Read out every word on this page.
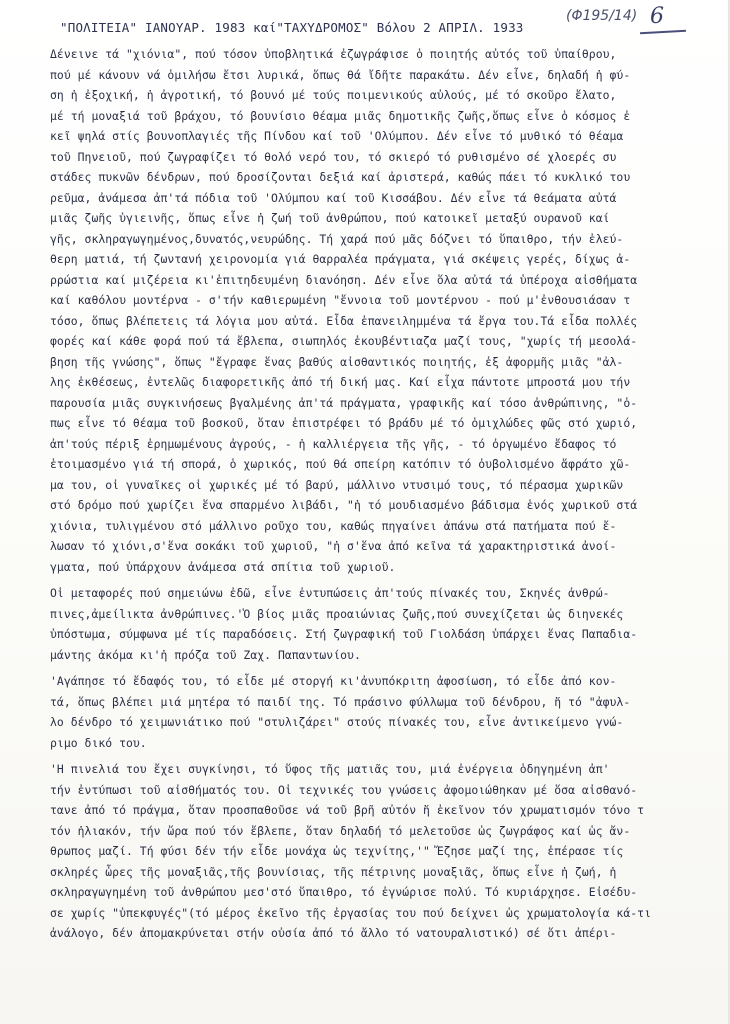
"ΠΟΛΙΤΕΙΑ" ΙΑΝΟΥΑΡ. 1983 καί"ΤΑΧΥΔΡΟΜΟΣ" Βόλου 2 ΑΠΡΙΛ. 1933
(Φ195/14) 6
Δένεινε τά "χιόνια", πού τόσον ὑποβλητικά ἐζωγράφισε ὁ ποιητής αὐτός τοῦ ὑπαίθρου,
πού μέ κάνουν νά ὁμιλήσω ἔτσι λυρικά, ὅπως θά ἴδῆτε παρακάτω. Δέν εἶνε, δηλαδή ἡ φύ-
ση ἡ ἐξοχική, ἡ ἀγροτική, τό βουνό μέ τούς ποιμενικούς αὐλούς, μέ τό σκοῦρο ἔλατο,
μέ τή μοναξιά τοῦ βράχου, τό βουνίσιο θέαμα μιᾶς δημοτικῆς ζωῆς,ὅπως εἶνε ὁ κόσμος ἐ
κεῖ ψηλά στίς βουνοπλαγιές τῆς Πίνδου καί τοῦ 'Ολύμπου. Δέν εἶνε τό μυθικό τό θέαμα
τοῦ Πηνειοῦ, πού ζωγραφίζει τό θολό νερό του, τό σκιερό τό ρυθισμένο σέ χλοερές συ
στάδες πυκνῶν δένδρων, πού δροσίζονται δεξιά καί ἀριστερά, καθώς πάει τό κυκλικό του
ρεῦμα, ἀνάμεσα ἀπ'τά πόδια τοῦ 'Ολύμπου καί τοῦ Κισσάβου. Δέν εἶνε τά θεάματα αὐτά
μιᾶς ζωῆς ὑγιεινῆς, ὅπως εἶνε ἡ ζωή τοῦ ἀνθρώπου, πού κατοικεῖ μεταξύ ουρανοῦ καί
γῆς, σκληραγωγημένος,δυνατός,νευρώδης. Τή χαρά πού μᾶς δόζνει τό ὕπαιθρο, τήν ἐλεύ-
θερη ματιά, τή ζωντανή χειρονομία γιά θαρραλέα πράγματα, γιά σκέψεις γερές, δίχως ἀ-
ρρώστια καί μιζέρεια κι'ἐπιτηδευμένη διανόηση. Δέν εἶνε ὅλα αὐτά τά ὑπέροχα αἰσθήματα
καί καθόλου μοντέρνα - σ'τήν καθιερωμένη "ἔννοια τοῦ μοντέρνου - πού μ'ἐνθουσιάσαν τ
τόσο, ὅπως βλέπετεις τά λόγια μου αὐτά. Εἶδα ἐπανειλημμένα τά ἔργα του.Τά εἶδα πολλές
φορές καί κάθε φορά πού τά ἔβλεπα, σιωπηλός ἐκουβέντιαζα μαζί τους, "χωρίς τή μεσολά-
βηση τῆς γνώσης", ὅπως "ἔγραφε ἕνας βαθύς αἰσθαντικός ποιητής, ἐξ ἀφορμῆς μιᾶς "ἀλ-
λης ἐκθέσεως, ἐντελῶς διαφορετικῆς ἀπό τή δική μας. Καί εἶχα πάντοτε μπροστά μου τήν
παρουσία μιᾶς συγκινήσεως βγαλμένης ἀπ'τά πράγματα, γραφικῆς καί τόσο ἀνθρώπινης, "ὁ-
πως εἶνε τό θέαμα τοῦ βοσκοῦ, ὅταν ἐπιστρέφει τό βράδυ μέ τό ὁμιχλώδες φῶς στό χωριό,
ἀπ'τούς πέριξ ἐρημωμένους ἀγρούς, - ἡ καλλιέργεια τῆς γῆς, - τό ὀργωμένο ἔδαφος τό
ἑτοιμασμένο γιά τή σπορά, ὁ χωρικός, πού θά σπείρη κατόπιν τό ὀυβολισμένο ἄφράτο χῶ-
μα του, οἱ γυναῖκες οἱ χωρικές μέ τό βαρύ, μάλλινο ντυσιμό τους, τό πέρασμα χωρικῶν
στό δρόμο πού χωρίζει ἕνα σπαρμένο λιβάδι, "ἡ τό μουδιασμένο βάδισμα ἑνός χωρικοῦ στά
χιόνια, τυλιγμένου στό μάλλινο ροῦχο του, καθώς πηγαίνει ἀπάνω στά πατήματα πού ἔ-
λωσαν τό χιόνι,σ'ἕνα σοκάκι τοῦ χωριοῦ, "ἡ σ'ἕνα ἀπό κεῖνα τά χαρακτηριστικά ἀνοί-
γματα, πού ὑπάρχουν ἀνάμεσα στά σπίτια τοῦ χωριοῦ.
Οἱ μεταφορές πού σημειώνω ἐδῶ, εἶνε ἐντυπώσεις ἀπ'τούς πίνακές του, Σκηνές ἀνθρώ-
πινες,ἀμεί​lικτα ἀνθρώπινες.'Ὁ βίος μιᾶς προαιώνιας ζωῆς,πού συνεχίζεται ὡς διηνεκές
ὑπόστωμα, σύμφωνα μέ τίς παραδόσεις. Στή ζωγραφική τοῦ Γιολδάση ὑπάρχει ἕνας Παπαδια-
μάντης ἀκόμα κι'ἡ πρόζα τοῦ Ζαχ. Παπαντωνίου.
'Αγάπησε τό ἔδαφός του, τό εἶδε μέ στοργή κι'ἀνυπόκριτη ἀφοσίωση, τό εἶδε ἀπό κον-
τά, ὅπως βλέπει μιά μητέρα τό παιδί της. Τό πράσινο φύλλωμα τοῦ δένδρου, ἤ τό "ἀφυλ-
λο δένδρο τό χειμωνιάτικο πού "στυλιζάρει" στούς πίνακές του, εἶνε ἀντικείμενο γνώ-
ριμο δικό του.
'Η πινελιά του ἔχει συγκίνησι, τό ὕφος τῆς ματιᾶς του, μιά ἐνέργεια ὁδηγημένη ἀπ'
τήν ἐντύπωσι τοῦ αἰσθήματός του. Οἱ τεχνικές του γνώσεις ἀφομοιώθηκαν μέ ὅσα αἰσθανό-
τανε ἀπό τό πράγμα, ὅταν προσπαθοῦσε νά τοῦ βρῆ αὐτόν ἤ ἐκεῖνον τόν χρωματισμόν τόνο τ
τόν ἡλιακόν, τήν ὥρα πού τόν ἔβλεπε, ὅταν δηλαδή τό μελετοῦσε ὡς ζωγράφος καί ὡς ἄν-
θρωπος μαζί. Τή φύσι δέν τήν εἶδε μονάχα ὡς τεχνίτης,'" Ἔζησε μαζί της, ἐπέρασε τίς
σκληρές ὧρες τῆς μοναξιᾶς,τῆς βουνίσιας, τῆς πέτρινης μοναξιᾶς, ὅπως εἶνε ἡ ζωή, ἡ
σκληραγωγημένη τοῦ ἀνθρώπου μεσ'στό ὕπαιθρο, τό ἐγνώρισε πολύ. Τό κυριάρχησε. Εἰσέδυ-
σε χωρίς "ὑπεκφυγές"(τό μέρος ἐκεῖνο τῆς ἐργασίας του πού δείχνει ὡς χρωματολογία κά-τι
ἀνάλογο, δέν ἀπομακρύνεται στήν οὐσία ἀπό τό ἄλλο τό νατουραλιστικό) σέ ὅτι ἀπέρι-
